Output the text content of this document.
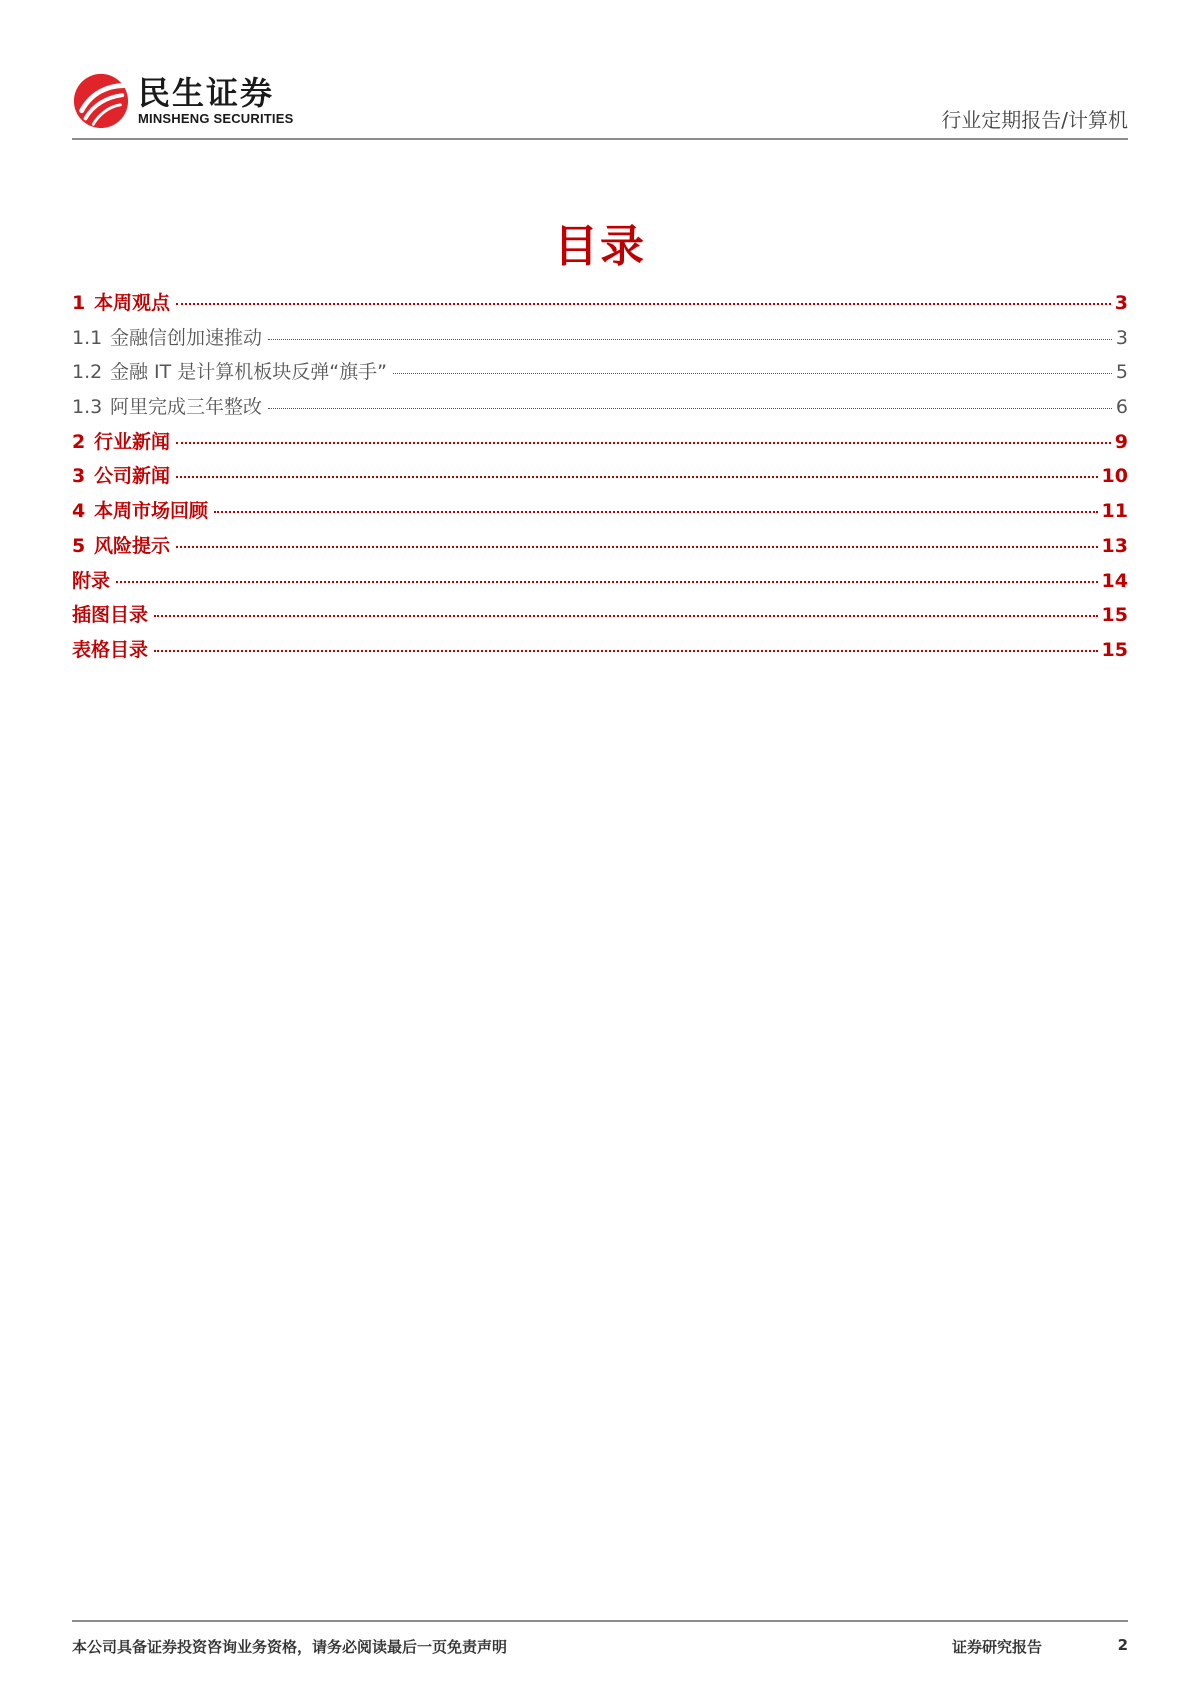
民生证券
MINSHENG SECURITIES	行业定期报告/计算机
目录
1 本周观点	3
1.1 金融信创加速推动	3
1.2 金融 IT 是计算机板块反弹“旗手”	5
1.3 阿里完成三年整改	6
2 行业新闻	9
3 公司新闻	10
4 本周市场回顾	11
5 风险提示	13
附录	14
插图目录	15
表格目录	15
本公司具备证券投资咨询业务资格，请务必阅读最后一页免责声明	证券研究报告	2
